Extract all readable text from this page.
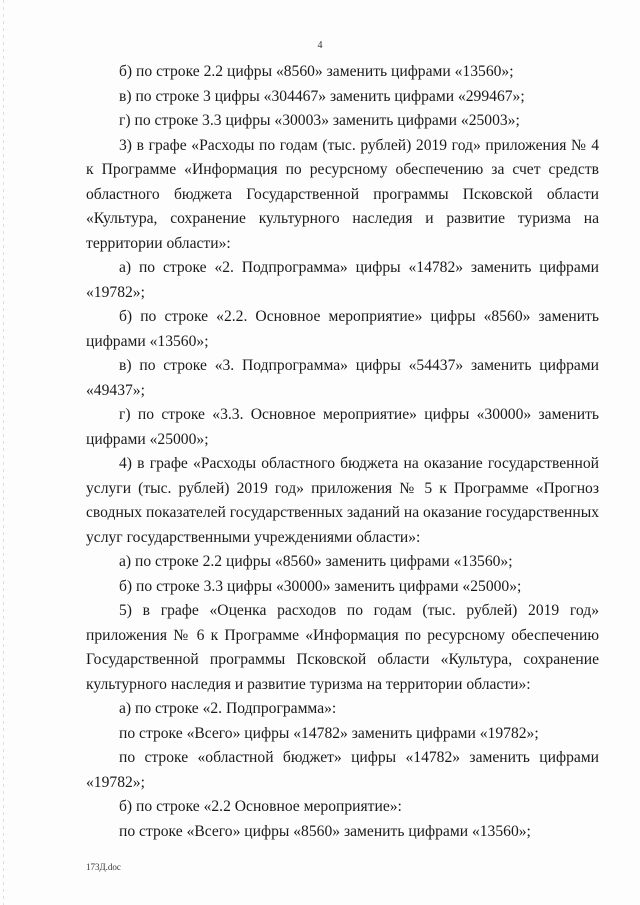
4

б) по строке 2.2 цифры «8560» заменить цифрами «13560»;

в) по строке 3 цифры «304467» заменить цифрами «299467»;

г) по строке 3.3 цифры «30003» заменить цифрами «25003»;

3) в графе «Расходы по годам (тыс. рублей) 2019 год» приложения № 4 к Программе «Информация по ресурсному обеспечению за счет средств областного бюджета Государственной программы Псковской области «Культура, сохранение культурного наследия и развитие туризма на территории области»:

а) по строке «2. Подпрограмма» цифры «14782» заменить цифрами «19782»;

б) по строке «2.2. Основное мероприятие» цифры «8560» заменить цифрами «13560»;

в) по строке «3. Подпрограмма» цифры «54437» заменить цифрами «49437»;

г) по строке «3.3. Основное мероприятие» цифры «30000» заменить цифрами «25000»;

4) в графе «Расходы областного бюджета на оказание государственной услуги (тыс. рублей) 2019 год» приложения № 5 к Программе «Прогноз сводных показателей государственных заданий на оказание государственных услуг государственными учреждениями области»:

а) по строке 2.2 цифры «8560» заменить цифрами «13560»;

б) по строке 3.3 цифры «30000» заменить цифрами «25000»;

5) в графе «Оценка расходов по годам (тыс. рублей) 2019 год» приложения № 6 к Программе «Информация по ресурсному обеспечению Государственной программы Псковской области «Культура, сохранение культурного наследия и развитие туризма на территории области»:

а) по строке «2. Подпрограмма»:

по строке «Всего» цифры «14782» заменить цифрами «19782»;

по строке «областной бюджет» цифры «14782» заменить цифрами «19782»;

б) по строке «2.2 Основное мероприятие»:

по строке «Всего» цифры «8560» заменить цифрами «13560»;

173Д.doc
